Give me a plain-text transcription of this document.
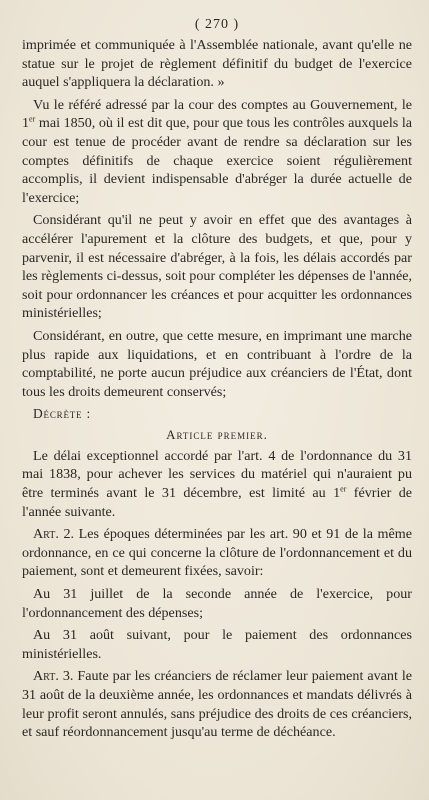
( 270 )

imprimée et communiquée à l'Assemblée nationale, avant qu'elle ne statue sur le projet de règlement définitif du budget de l'exercice auquel s'appliquera la déclaration. »

Vu le référé adressé par la cour des comptes au Gouvernement, le 1er mai 1850, où il est dit que, pour que tous les contrôles auxquels la cour est tenue de procéder avant de rendre sa déclaration sur les comptes définitifs de chaque exercice soient régulièrement accomplis, il devient indispensable d'abréger la durée actuelle de l'exercice;

Considérant qu'il ne peut y avoir en effet que des avantages à accélérer l'apurement et la clôture des budgets, et que, pour y parvenir, il est nécessaire d'abréger, à la fois, les délais accordés par les règlements ci-dessus, soit pour compléter les dépenses de l'année, soit pour ordonnancer les créances et pour acquitter les ordonnances ministérielles;

Considérant, en outre, que cette mesure, en imprimant une marche plus rapide aux liquidations, et en contribuant à l'ordre de la comptabilité, ne porte aucun préjudice aux créanciers de l'État, dont tous les droits demeurent conservés;

Décrète :

Article premier.

Le délai exceptionnel accordé par l'art. 4 de l'ordonnance du 31 mai 1838, pour achever les services du matériel qui n'auraient pu être terminés avant le 31 décembre, est limité au 1er février de l'année suivante.

Art. 2. Les époques déterminées par les art. 90 et 91 de la même ordonnance, en ce qui concerne la clôture de l'ordonnancement et du paiement, sont et demeurent fixées, savoir:

Au 31 juillet de la seconde année de l'exercice, pour l'ordonnancement des dépenses;

Au 31 août suivant, pour le paiement des ordonnances ministérielles.

Art. 3. Faute par les créanciers de réclamer leur paiement avant le 31 août de la deuxième année, les ordonnances et mandats délivrés à leur profit seront annulés, sans préjudice des droits de ces créanciers, et sauf réordonnancement jusqu'au terme de déchéance.
